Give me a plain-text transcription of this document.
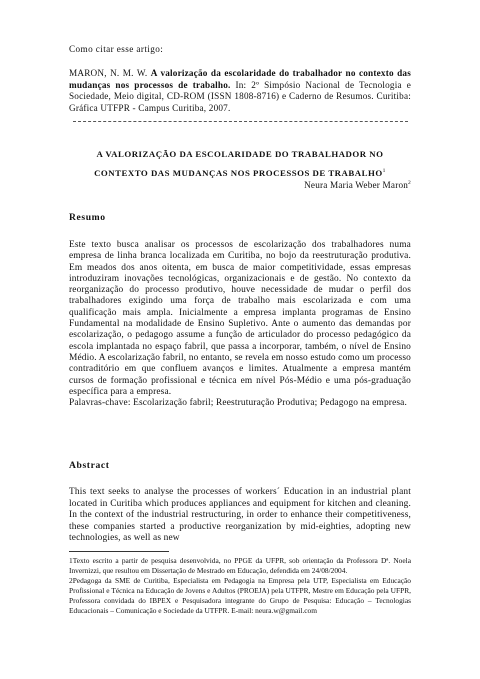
Como citar esse artigo:

MARON, N. M. W. A valorização da escolaridade do trabalhador no contexto das mudanças nos processos de trabalho. In: 2º Simpósio Nacional de Tecnologia e Sociedade, Meio digital, CD-ROM (ISSN 1808-8716) e Caderno de Resumos. Curitiba: Gráfica UTFPR - Campus Curitiba, 2007.

A VALORIZAÇÃO DA ESCOLARIDADE DO TRABALHADOR NO
CONTEXTO DAS MUDANÇAS NOS PROCESSOS DE TRABALHO$^1$
Neura Maria Weber Maron$^2$
Resumo
Este texto busca analisar os processos de escolarização dos trabalhadores numa empresa de linha branca localizada em Curitiba, no bojo da reestruturação produtiva. Em meados dos anos oitenta, em busca de maior competitividade, essas empresas introduziram inovações tecnológicas, organizacionais e de gestão. No contexto da reorganização do processo produtivo, houve necessidade de mudar o perfil dos trabalhadores exigindo uma força de trabalho mais escolarizada e com uma qualificação mais ampla. Inicialmente a empresa implanta programas de Ensino Fundamental na modalidade de Ensino Supletivo. Ante o aumento das demandas por escolarização, o pedagogo assume a função de articulador do processo pedagógico da escola implantada no espaço fabril, que passa a incorporar, também, o nível de Ensino Médio. A escolarização fabril, no entanto, se revela em nosso estudo como um processo contraditório em que confluem avanços e limites. Atualmente a empresa mantém cursos de formação profissional e técnica em nível Pós-Médio e uma pós-graduação específica para a empresa.
Palavras-chave: Escolarização fabril; Reestruturação Produtiva; Pedagogo na empresa.
Abstract
This text seeks to analyse the processes of workers´ Education in an industrial plant located in Curitiba which produces appliances and equipment for kitchen and cleaning. In the context of the industrial restructuring, in order to enhance their competitiveness, these companies started a productive reorganization by mid-eighties, adopting new technologies, as well as new

1Texto escrito a partir de pesquisa desenvolvida, no PPGE da UFPR, sob orientação da Professora Dª. Noela Invernizzi, que resultou em Dissertação de Mestrado em Educação, defendida em 24/08/2004.

2Pedagoga da SME de Curitiba, Especialista em Pedagogia na Empresa pela UTP, Especialista em Educação Profissional e Técnica na Educação de Jovens e Adultos (PROEJA) pela UTFPR, Mestre em Educação pela UFPR, Professora convidada do IBPEX e Pesquisadora integrante do Grupo de Pesquisa: Educação – Tecnologias Educacionais – Comunicação e Sociedade da UTFPR. E-mail: neura.w@gmail.com
